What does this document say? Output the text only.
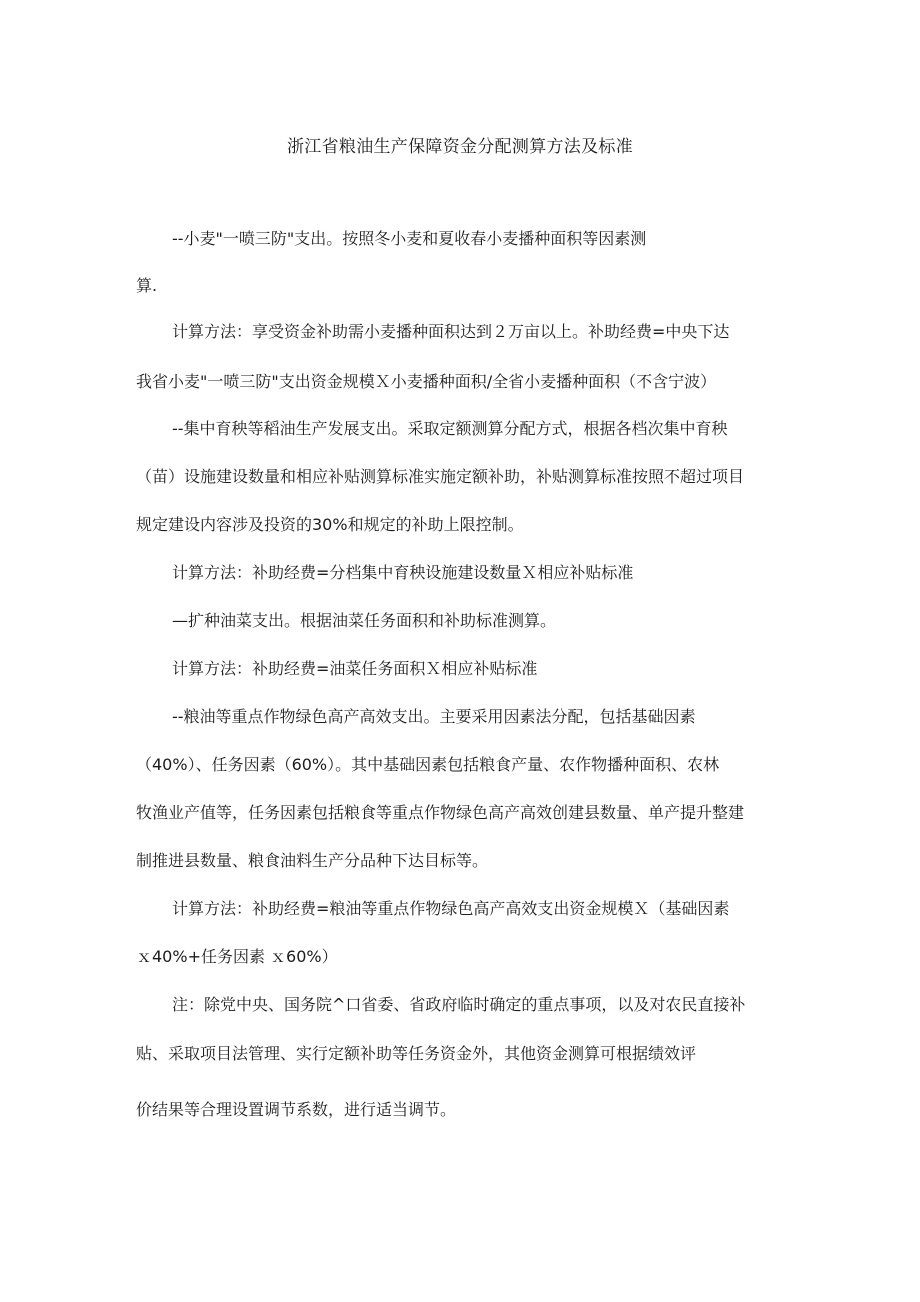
浙江省粮油生产保障资金分配测算方法及标准
--小麦"一喷三防"支出。按照冬小麦和夏收春小麦播种面积等因素测
算.
计算方法：享受资金补助需小麦播种面积达到２万亩以上。补助经费=中央下达
我省小麦"一喷三防"支出资金规模Ｘ小麦播种面积/全省小麦播种面积（不含宁波）
--集中育秧等稻油生产发展支出。采取定额测算分配方式，根据各档次集中育秧
（苗）设施建设数量和相应补贴测算标准实施定额补助，补贴测算标准按照不超过项目
规定建设内容涉及投资的30%和规定的补助上限控制。
计算方法：补助经费=分档集中育秧设施建设数量Ｘ相应补贴标准
—扩种油菜支出。根据油菜任务面积和补助标准测算。
计算方法：补助经费=油菜任务面积Ｘ相应补贴标准
--粮油等重点作物绿色高产高效支出。主要采用因素法分配，包括基础因素
（40%）、任务因素（60%）。其中基础因素包括粮食产量、农作物播种面积、农林
牧渔业产值等，任务因素包括粮食等重点作物绿色高产高效创建县数量、单产提升整建
制推进县数量、粮食油料生产分品种下达目标等。
计算方法：补助经费=粮油等重点作物绿色高产高效支出资金规模Ｘ（基础因素
ｘ40%+任务因素 ｘ60%）
注：除党中央、国务院^口省委、省政府临时确定的重点事项，以及对农民直接补
贴、采取项目法管理、实行定额补助等任务资金外，其他资金测算可根据绩效评
价结果等合理设置调节系数，进行适当调节。
